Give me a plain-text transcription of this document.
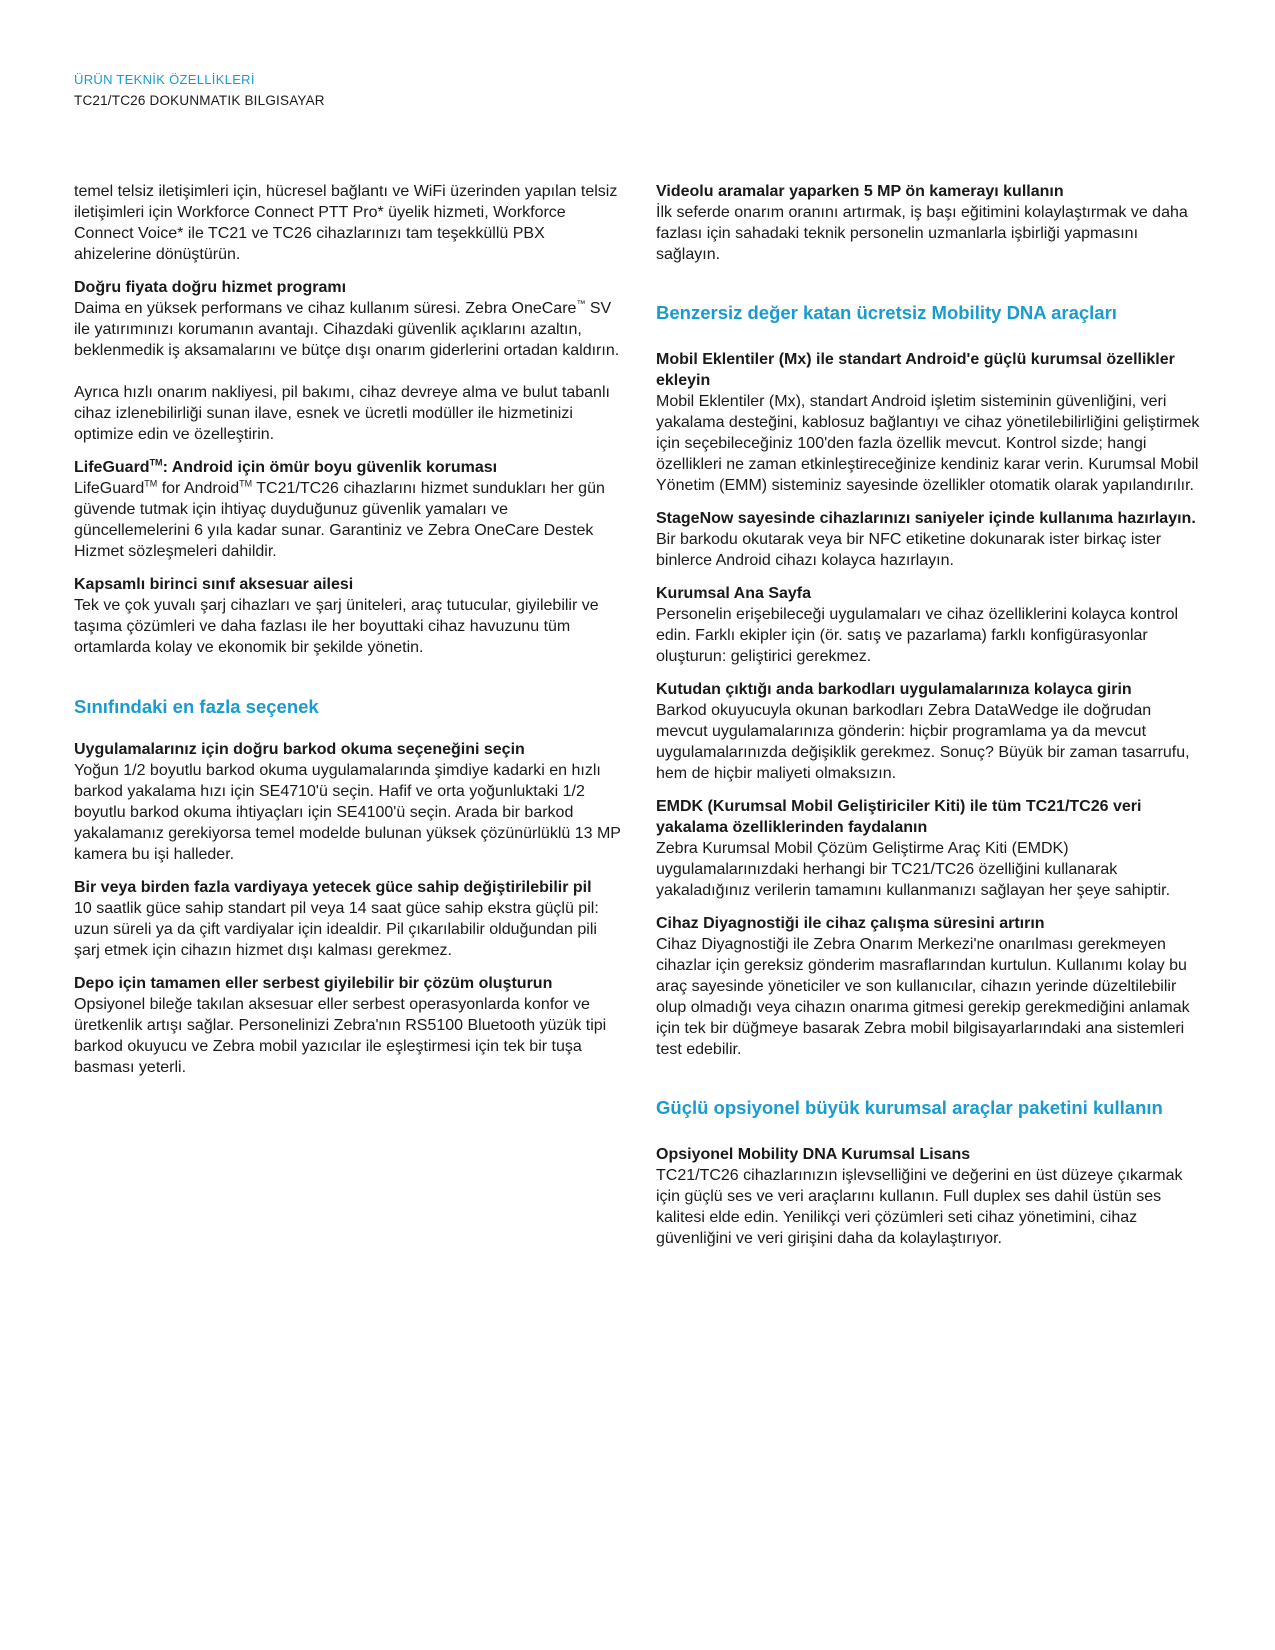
ÜRÜN TEKNİK ÖZELLİKLERİ
TC21/TC26 DOKUNMATIK BILGISAYAR

temel telsiz iletişimleri için, hücresel bağlantı ve WiFi üzerinden yapılan telsiz iletişimleri için Workforce Connect PTT Pro* üyelik hizmeti, Workforce Connect Voice* ile TC21 ve TC26 cihazlarınızı tam teşekküllü PBX ahizelerine dönüştürün.

Doğru fiyata doğru hizmet programı

Daima en yüksek performans ve cihaz kullanım süresi. Zebra OneCare™ SV ile yatırımınızı korumanın avantajı. Cihazdaki güvenlik açıklarını azaltın, beklenmedik iş aksamalarını ve bütçe dışı onarım giderlerini ortadan kaldırın.

Ayrıca hızlı onarım nakliyesi, pil bakımı, cihaz devreye alma ve bulut tabanlı cihaz izlenebilirliği sunan ilave, esnek ve ücretli modüller ile hizmetinizi optimize edin ve özelleştirin.

LifeGuard™: Android için ömür boyu güvenlik koruması

LifeGuard™ for Android™ TC21/TC26 cihazlarını hizmet sundukları her gün güvende tutmak için ihtiyaç duyduğunuz güvenlik yamaları ve güncellemelerini 6 yıla kadar sunar. Garantiniz ve Zebra OneCare Destek Hizmet sözleşmeleri dahildir.

Kapsamlı birinci sınıf aksesuar ailesi

Tek ve çok yuvalı şarj cihazları ve şarj üniteleri, araç tutucular, giyilebilir ve taşıma çözümleri ve daha fazlası ile her boyuttaki cihaz havuzunu tüm ortamlarda kolay ve ekonomik bir şekilde yönetin.

Sınıfındaki en fazla seçenek
Uygulamalarınız için doğru barkod okuma seçeneğini seçin

Yoğun 1/2 boyutlu barkod okuma uygulamalarında şimdiye kadarki en hızlı barkod yakalama hızı için SE4710'ü seçin. Hafif ve orta yoğunluktaki 1/2 boyutlu barkod okuma ihtiyaçları için SE4100'ü seçin. Arada bir barkod yakalamanız gerekiyorsa temel modelde bulunan yüksek çözünürlüklü 13 MP kamera bu işi halleder.

Bir veya birden fazla vardiyaya yetecek güce sahip değiştirilebilir pil

10 saatlik güce sahip standart pil veya 14 saat güce sahip ekstra güçlü pil: uzun süreli ya da çift vardiyalar için idealdir. Pil çıkarılabilir olduğundan pili şarj etmek için cihazın hizmet dışı kalması gerekmez.

Depo için tamamen eller serbest giyilebilir bir çözüm oluşturun

Opsiyonel bileğe takılan aksesuar eller serbest operasyonlarda konfor ve üretkenlik artışı sağlar. Personelinizi Zebra'nın RS5100 Bluetooth yüzük tipi barkod okuyucu ve Zebra mobil yazıcılar ile eşleştirmesi için tek bir tuşa basması yeterli.

Videolu aramalar yaparken 5 MP ön kamerayı kullanın

İlk seferde onarım oranını artırmak, iş başı eğitimini kolaylaştırmak ve daha fazlası için sahadaki teknik personelin uzmanlarla işbirliği yapmasını sağlayın.

Benzersiz değer katan ücretsiz Mobility DNA araçları
Mobil Eklentiler (Mx) ile standart Android'e güçlü kurumsal özellikler ekleyin

Mobil Eklentiler (Mx), standart Android işletim sisteminin güvenliğini, veri yakalama desteğini, kablosuz bağlantıyı ve cihaz yönetilebilirliğini geliştirmek için seçebileceğiniz 100'den fazla özellik mevcut. Kontrol sizde; hangi özellikleri ne zaman etkinleştireceğinize kendiniz karar verin. Kurumsal Mobil Yönetim (EMM) sisteminiz sayesinde özellikler otomatik olarak yapılandırılır.

StageNow sayesinde cihazlarınızı saniyeler içinde kullanıma hazırlayın.

Bir barkodu okutarak veya bir NFC etiketine dokunarak ister birkaç ister binlerce Android cihazı kolayca hazırlayın.

Kurumsal Ana Sayfa

Personelin erişebileceği uygulamaları ve cihaz özelliklerini kolayca kontrol edin. Farklı ekipler için (ör. satış ve pazarlama) farklı konfigürasyonlar oluşturun: geliştirici gerekmez.

Kutudan çıktığı anda barkodları uygulamalarınıza kolayca girin

Barkod okuyucuyla okunan barkodları Zebra DataWedge ile doğrudan mevcut uygulamalarınıza gönderin: hiçbir programlama ya da mevcut uygulamalarınızda değişiklik gerekmez. Sonuç? Büyük bir zaman tasarrufu, hem de hiçbir maliyeti olmaksızın.

EMDK (Kurumsal Mobil Geliştiriciler Kiti) ile tüm TC21/TC26 veri yakalama özelliklerinden faydalanın

Zebra Kurumsal Mobil Çözüm Geliştirme Araç Kiti (EMDK) uygulamalarınızdaki herhangi bir TC21/TC26 özelliğini kullanarak yakaladığınız verilerin tamamını kullanmanızı sağlayan her şeye sahiptir.

Cihaz Diyagnostiği ile cihaz çalışma süresini artırın

Cihaz Diyagnostiği ile Zebra Onarım Merkezi'ne onarılması gerekmeyen cihazlar için gereksiz gönderim masraflarından kurtulun. Kullanımı kolay bu araç sayesinde yöneticiler ve son kullanıcılar, cihazın yerinde düzeltilebilir olup olmadığı veya cihazın onarıma gitmesi gerekip gerekmediğini anlamak için tek bir düğmeye basarak Zebra mobil bilgisayarlarındaki ana sistemleri test edebilir.

Güçlü opsiyonel büyük kurumsal araçlar paketini kullanın
Opsiyonel Mobility DNA Kurumsal Lisans

TC21/TC26 cihazlarınızın işlevselliğini ve değerini en üst düzeye çıkarmak için güçlü ses ve veri araçlarını kullanın. Full duplex ses dahil üstün ses kalitesi elde edin. Yenilikçi veri çözümleri seti cihaz yönetimini, cihaz güvenliğini ve veri girişini daha da kolaylaştırıyor.
